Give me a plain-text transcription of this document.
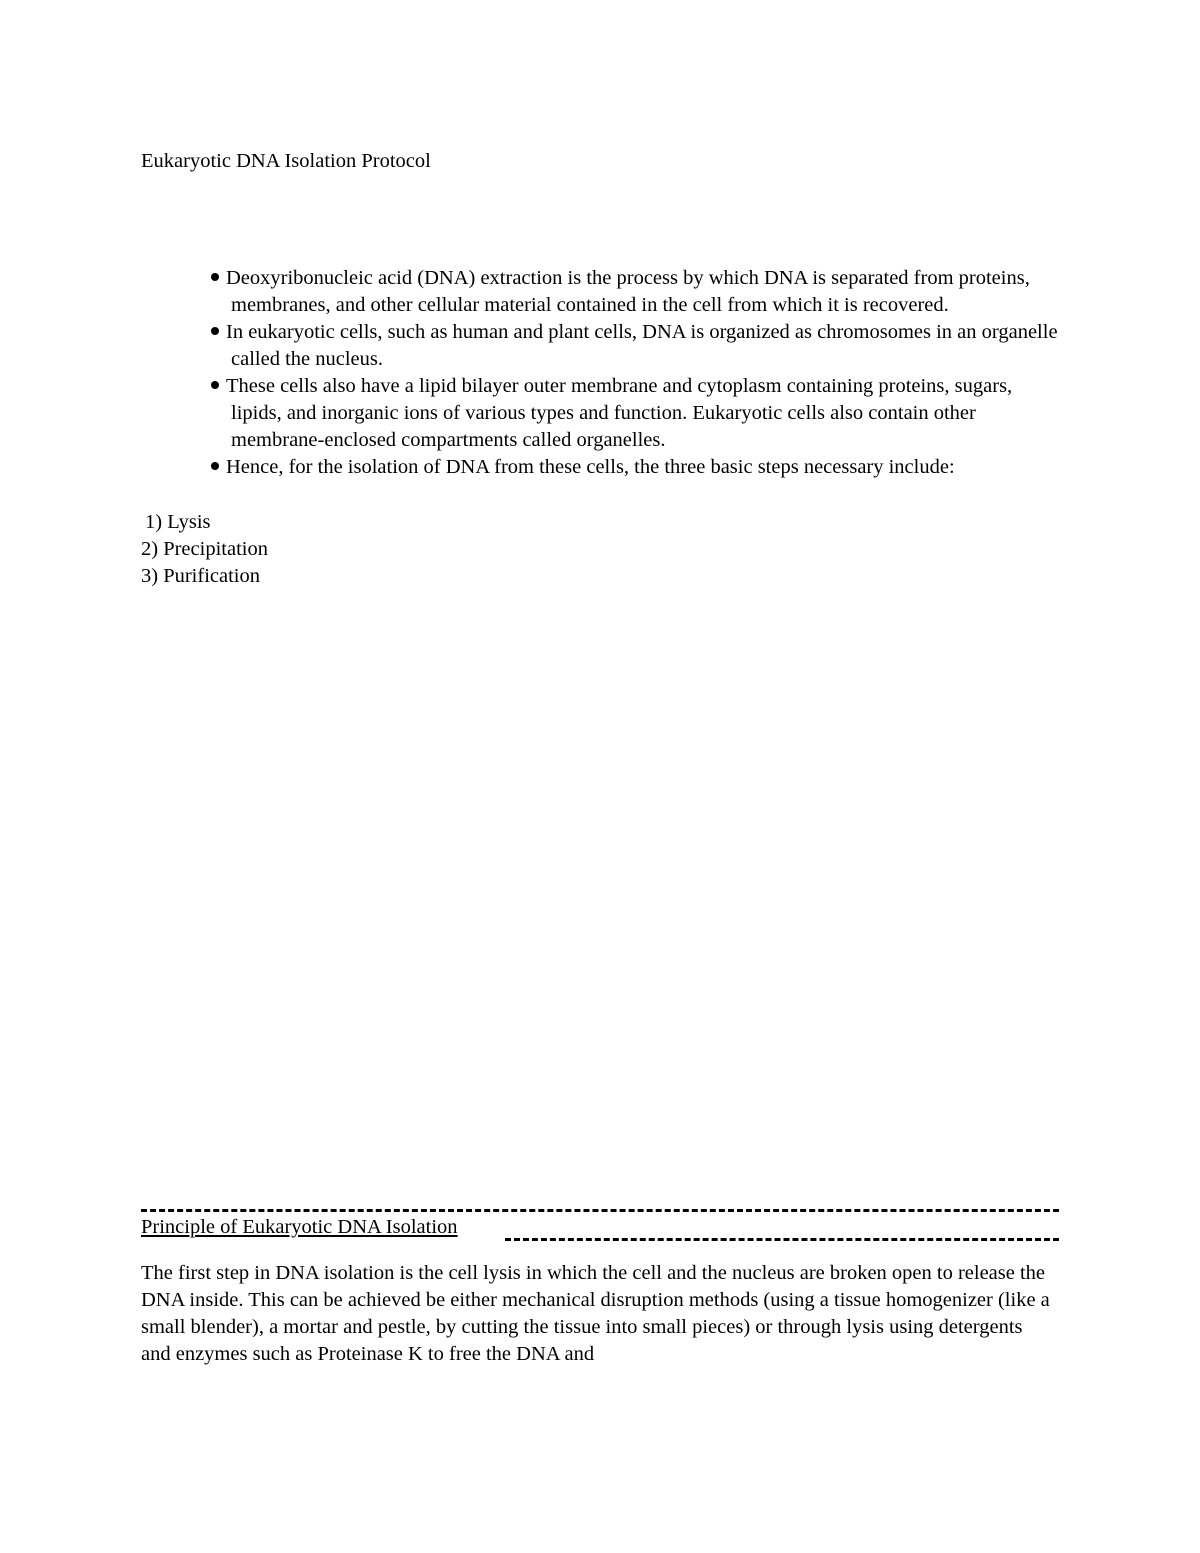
Eukaryotic DNA Isolation Protocol
Deoxyribonucleic acid (DNA) extraction is the process by which DNA is separated from proteins, membranes, and other cellular material contained in the cell from which it is recovered.
In eukaryotic cells, such as human and plant cells, DNA is organized as chromosomes in an organelle called the nucleus.
These cells also have a lipid bilayer outer membrane and cytoplasm containing proteins, sugars, lipids, and inorganic ions of various types and function. Eukaryotic cells also contain other membrane-enclosed compartments called organelles.
Hence, for the isolation of DNA from these cells, the three basic steps necessary include:
1) Lysis
2) Precipitation
3) Purification
Principle of Eukaryotic DNA Isolation

The first step in DNA isolation is the cell lysis in which the cell and the nucleus are broken open to release the DNA inside. This can be achieved be either mechanical disruption methods (using a tissue homogenizer (like a small blender), a mortar and pestle, by cutting the tissue into small pieces) or through lysis using detergents and enzymes such as Proteinase K to free the DNA and
